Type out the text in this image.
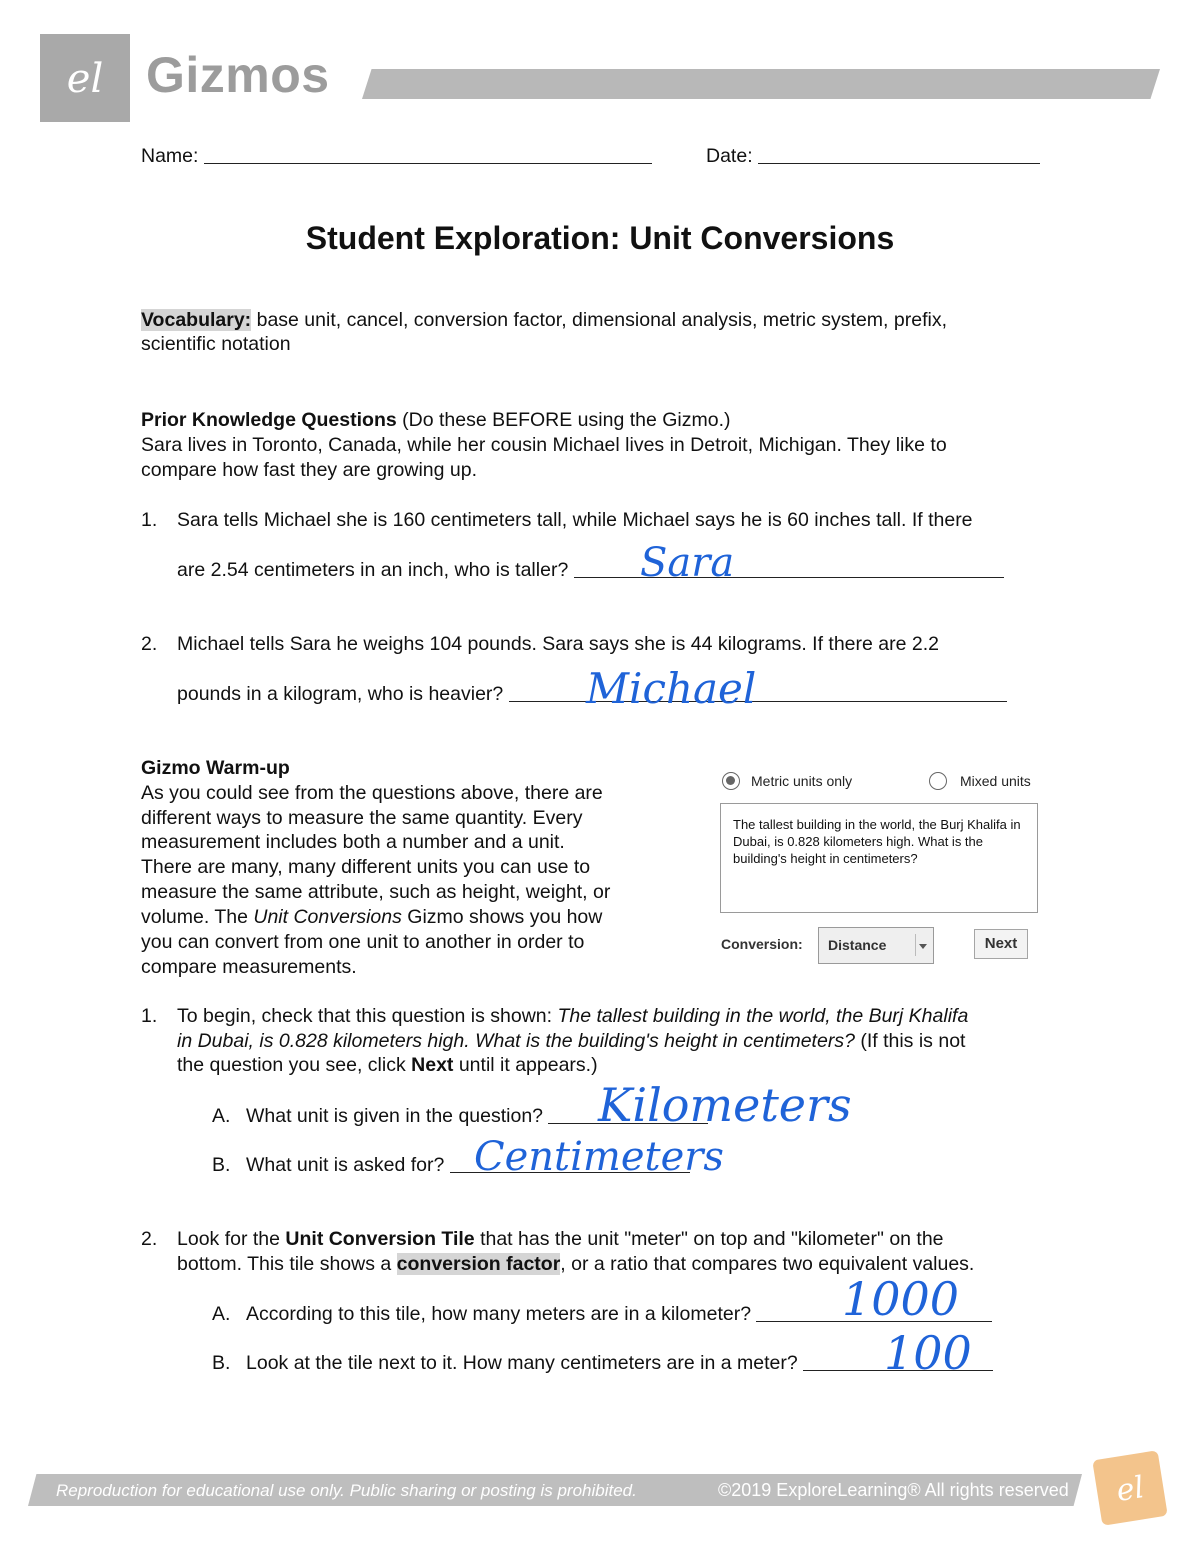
el Gizmos
Name:	Date:
Student Exploration: Unit Conversions
Vocabulary: base unit, cancel, conversion factor, dimensional analysis, metric system, prefix,
scientific notation
Prior Knowledge Questions (Do these BEFORE using the Gizmo.)
Sara lives in Toronto, Canada, while her cousin Michael lives in Detroit, Michigan. They like to
compare how fast they are growing up.
1. Sara tells Michael she is 160 centimeters tall, while Michael says he is 60 inches tall. If there
are 2.54 centimeters in an inch, who is taller?	Sara
2. Michael tells Sara he weighs 104 pounds. Sara says she is 44 kilograms. If there are 2.2
pounds in a kilogram, who is heavier?	Michael
Gizmo Warm-up
As you could see from the questions above, there are
different ways to measure the same quantity. Every
measurement includes both a number and a unit.
There are many, many different units you can use to
measure the same attribute, such as height, weight, or
volume. The Unit Conversions Gizmo shows you how
you can convert from one unit to another in order to
compare measurements.
Metric units only	Mixed units
The tallest building in the world, the Burj Khalifa in Dubai, is 0.828 kilometers high. What is the building's height in centimeters?
Conversion: Distance	Next
1. To begin, check that this question is shown: The tallest building in the world, the Burj Khalifa
in Dubai, is 0.828 kilometers high. What is the building's height in centimeters? (If this is not
the question you see, click Next until it appears.)
A. What unit is given in the question?	Kilometers
B. What unit is asked for? Centimeters
2. Look for the Unit Conversion Tile that has the unit "meter" on top and "kilometer" on the
bottom. This tile shows a conversion factor, or a ratio that compares two equivalent values.
A. According to this tile, how many meters are in a kilometer?	1000
B. Look at the tile next to it. How many centimeters are in a meter?	100
Reproduction for educational use only. Public sharing or posting is prohibited.	©2019 ExploreLearning® All rights reserved el
